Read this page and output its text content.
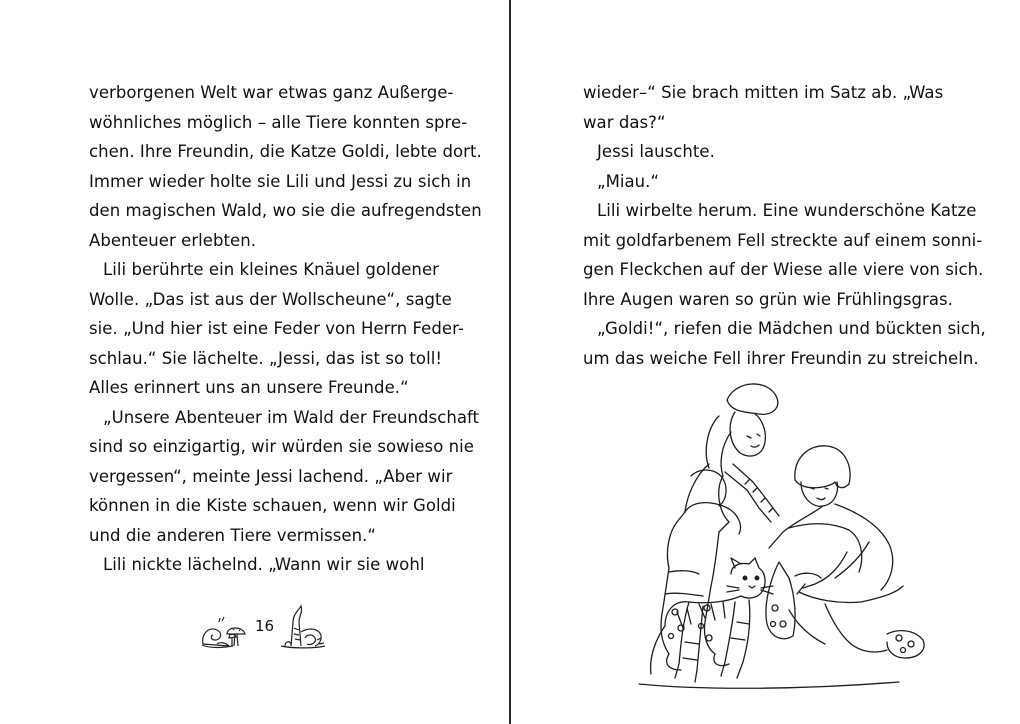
verborgenen Welt war etwas ganz Außerge-
wöhnliches möglich – alle Tiere konnten spre-
chen. Ihre Freundin, die Katze Goldi, lebte dort.
Immer wieder holte sie Lili und Jessi zu sich in
den magischen Wald, wo sie die aufregendsten
Abenteuer erlebten.
Lili berührte ein kleines Knäuel goldener
Wolle. „Das ist aus der Wollscheune“, sagte
sie. „Und hier ist eine Feder von Herrn Feder-
schlau.“ Sie lächelte. „Jessi, das ist so toll!
Alles erinnert uns an unsere Freunde.“
„Unsere Abenteuer im Wald der Freundschaft
sind so einzigartig, wir würden sie sowieso nie
vergessen“, meinte Jessi lachend. „Aber wir
können in die Kiste schauen, wenn wir Goldi
und die anderen Tiere vermissen.“
Lili nickte lächelnd. „Wann wir sie wohl
16
wieder–“ Sie brach mitten im Satz ab. „Was
war das?“
Jessi lauschte.
„Miau.“
Lili wirbelte herum. Eine wunderschöne Katze
mit goldfarbenem Fell streckte auf einem sonni-
gen Fleckchen auf der Wiese alle viere von sich.
Ihre Augen waren so grün wie Frühlingsgras.
„Goldi!“, riefen die Mädchen und bückten sich,
um das weiche Fell ihrer Freundin zu streicheln.
